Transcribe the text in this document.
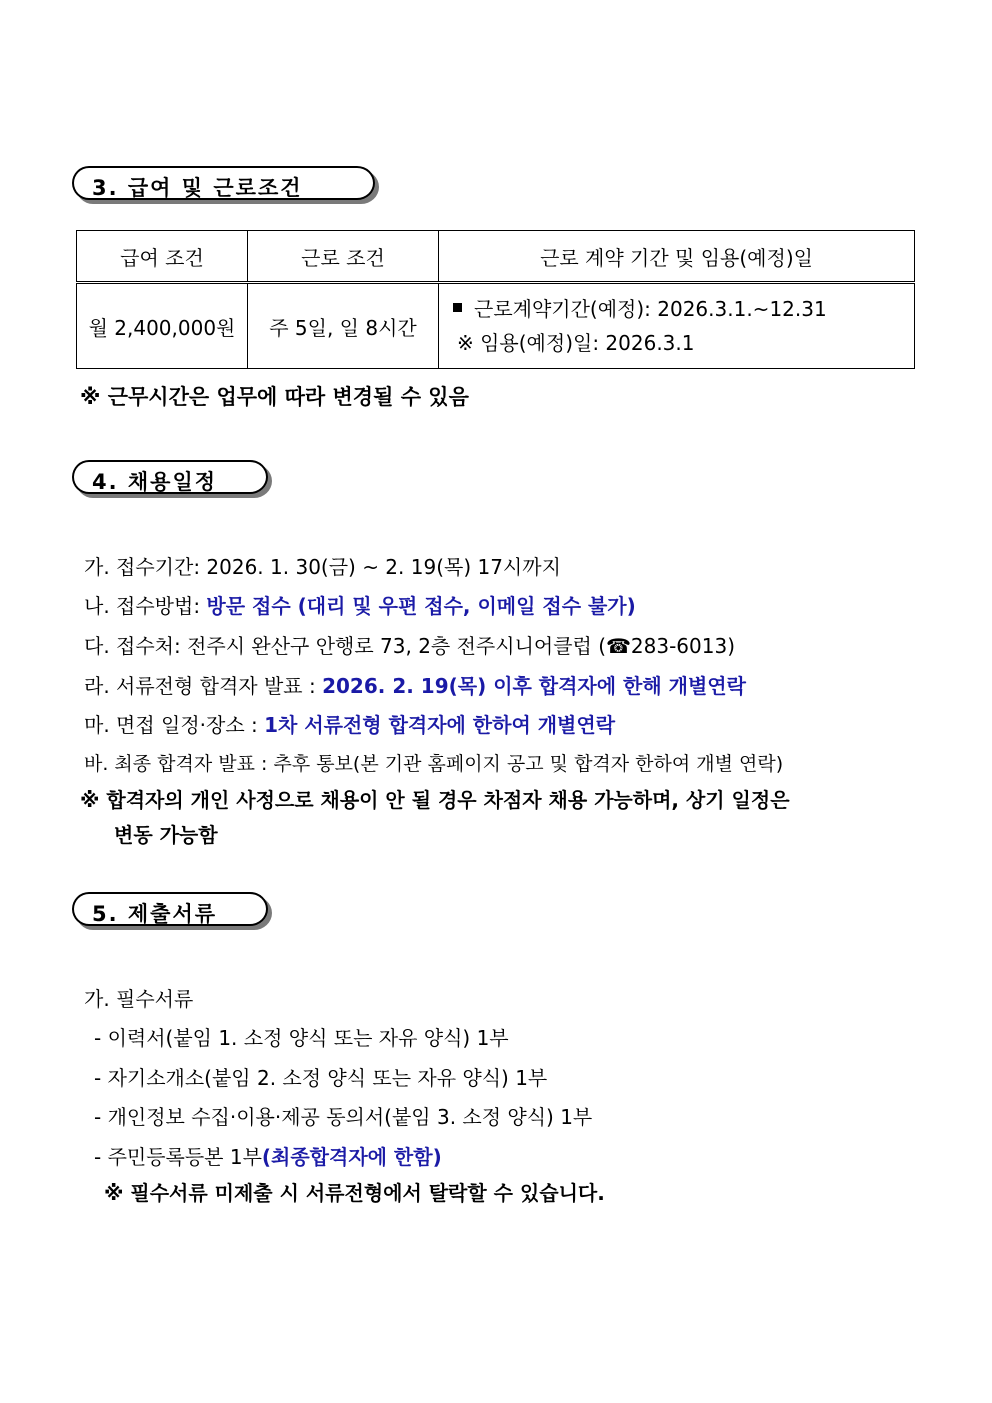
3. 급여 및 근로조건
급여 조건	근로 조건	근로 계약 기간 및 임용(예정)일
월 2,400,000원	주 5일, 일 8시간	근로계약기간(예정): 2026.3.1.~12.31
※ 임용(예정)일: 2026.3.1
※ 근무시간은 업무에 따라 변경될 수 있음
4. 채용일정
가. 접수기간: 2026. 1. 30(금) ~ 2. 19(목) 17시까지
나. 접수방법: 방문 접수 (대리 및 우편 접수, 이메일 접수 불가)
다. 접수처: 전주시 완산구 안행로 73, 2층 전주시니어클럽 (☎283-6013)
라. 서류전형 합격자 발표 : 2026. 2. 19(목) 이후 합격자에 한해 개별연락
마. 면접 일정·장소 : 1차 서류전형 합격자에 한하여 개별연락
바. 최종 합격자 발표 : 추후 통보(본 기관 홈페이지 공고 및 합격자 한하여 개별 연락)
※ 합격자의 개인 사정으로 채용이 안 될 경우 차점자 채용 가능하며, 상기 일정은
변동 가능함
5. 제출서류
가. 필수서류
- 이력서(붙임 1. 소정 양식 또는 자유 양식) 1부
- 자기소개소(붙임 2. 소정 양식 또는 자유 양식) 1부
- 개인정보 수집·이용·제공 동의서(붙임 3. 소정 양식) 1부
- 주민등록등본 1부(최종합격자에 한함)
※ 필수서류 미제출 시 서류전형에서 탈락할 수 있습니다.
